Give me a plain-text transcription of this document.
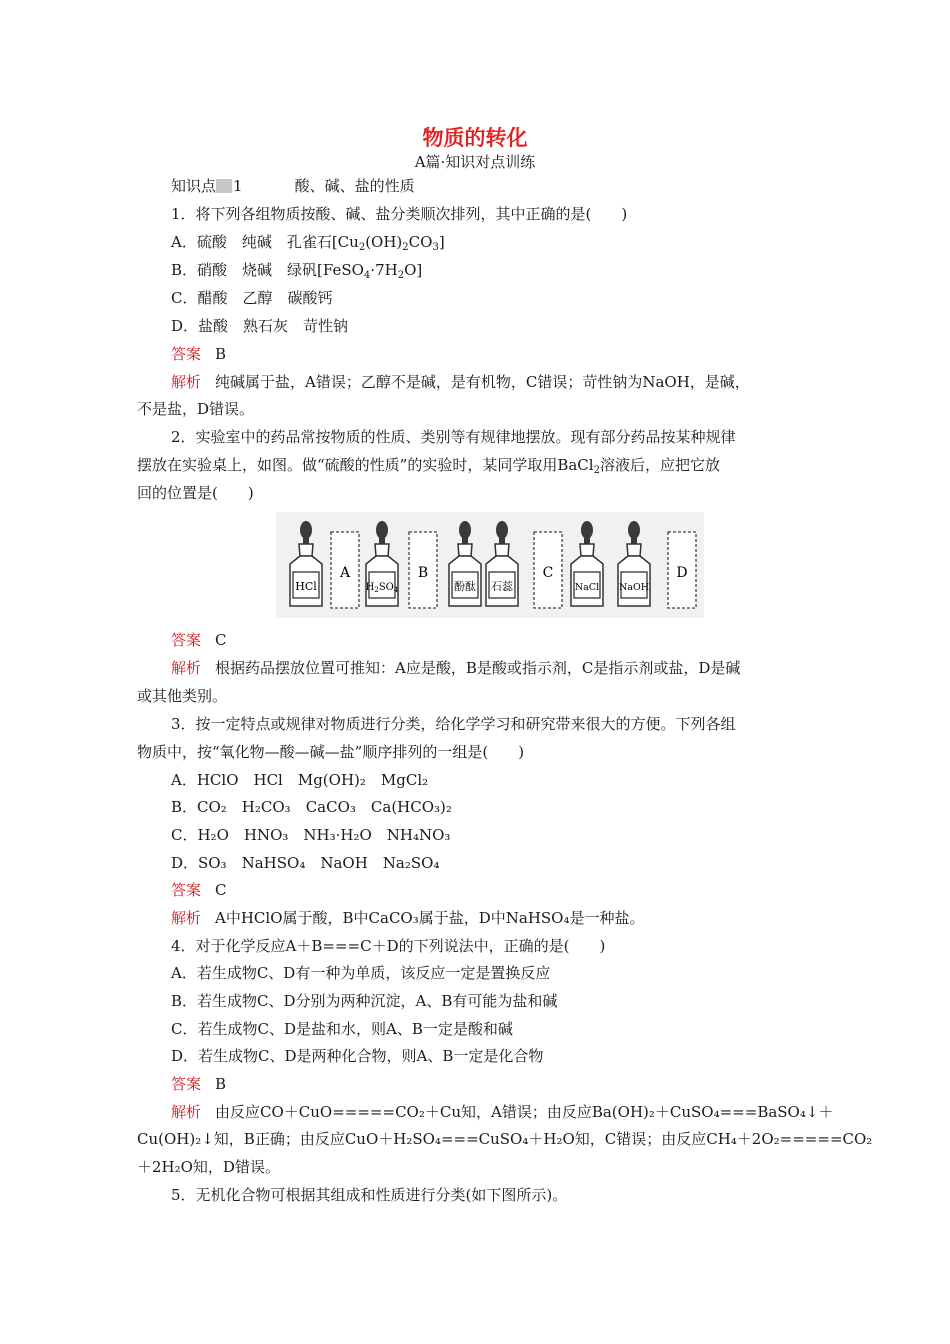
物质的转化
A篇·知识对点训练
知识点 1	酸、碱、盐的性质
1．将下列各组物质按酸、碱、盐分类顺次排列，其中正确的是(　　)
A．硫酸　纯碱　孔雀石$[Cu_2(OH)_2CO_3]$
B．硝酸　烧碱　绿矾$[FeSO_4\cdot 7H_2O]$
C．醋酸　乙醇　碳酸钙
D．盐酸　熟石灰　苛性钠
答案 B
解析 纯碱属于盐，A错误；乙醇不是碱，是有机物，C错误；苛性钠为NaOH，是碱，
不是盐，D错误。
2．实验室中的药品常按物质的性质、类别等有规律地摆放。现有部分药品按某种规律
摆放在实验桌上，如图。做“硫酸的性质”的实验时，某同学取用BaCl$_2$溶液后，应把它放
回的位置是(　　)
HCl
A
$H_2SO_4$
B
酚酞 石蕊
C
NaCl NaOH
D
答案 C
解析 根据药品摆放位置可推知：A应是酸，B是酸或指示剂，C是指示剂或盐，D是碱
或其他类别。
3．按一定特点或规律对物质进行分类，给化学学习和研究带来很大的方便。下列各组
物质中，按“氧化物—酸—碱—盐”顺序排列的一组是(　　)
A．HClO　HCl　Mg(OH)₂　MgCl₂
B．CO₂　H₂CO₃　CaCO₃　Ca(HCO₃)₂
C．H₂O　HNO₃　NH₃·H₂O　NH₄NO₃
D．SO₃　NaHSO₄　NaOH　Na₂SO₄
答案 C
解析 A中HClO属于酸，B中CaCO₃属于盐，D中NaHSO₄是一种盐。
4．对于化学反应A＋B===C＋D的下列说法中，正确的是(　　)
A．若生成物C、D有一种为单质，该反应一定是置换反应
B．若生成物C、D分别为两种沉淀，A、B有可能为盐和碱
C．若生成物C、D是盐和水，则A、B一定是酸和碱
D．若生成物C、D是两种化合物，则A、B一定是化合物
答案 B
解析 由反应CO＋CuO=====CO₂＋Cu知，A错误；由反应Ba(OH)₂＋CuSO₄===BaSO₄↓＋
Cu(OH)₂↓知，B正确；由反应CuO＋H₂SO₄===CuSO₄＋H₂O知，C错误；由反应CH₄＋2O₂=====CO₂
＋2H₂O知，D错误。
5．无机化合物可根据其组成和性质进行分类(如下图所示)。
